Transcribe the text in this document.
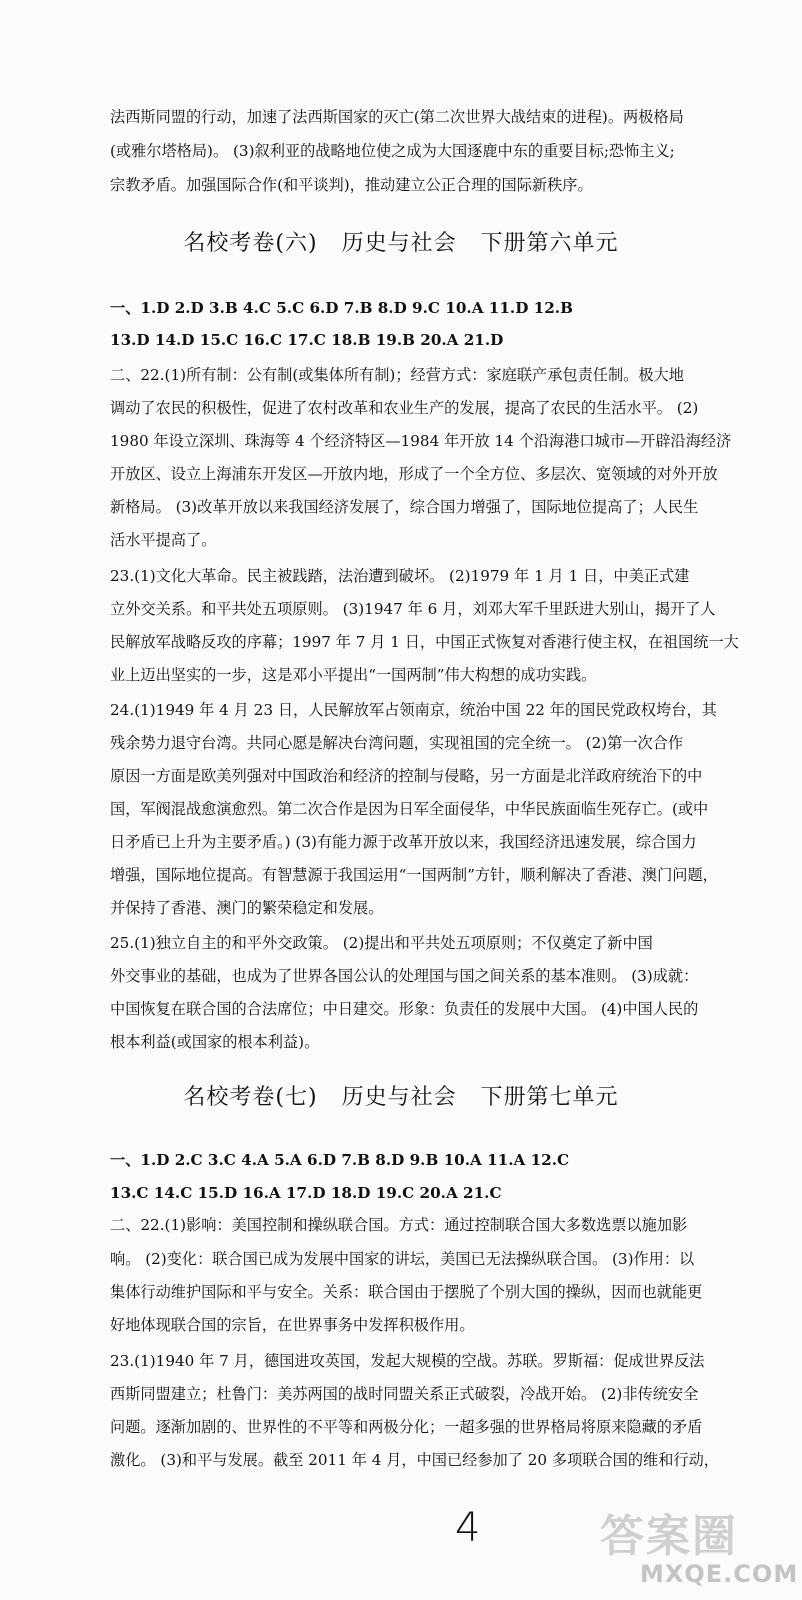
法西斯同盟的行动，加速了法西斯国家的灭亡(第二次世界大战结束的进程)。两极格局
(或雅尔塔格局)。 (3)叙利亚的战略地位使之成为大国逐鹿中东的重要目标;恐怖主义;
宗教矛盾。加强国际合作(和平谈判)，推动建立公正合理的国际新秩序。
名校考卷(六)   历史与社会   下册第六单元
一、1.D 2.D 3.B 4.C 5.C 6.D 7.B 8.D 9.C 10.A 11.D 12.B
13.D 14.D 15.C 16.C 17.C 18.B 19.B 20.A 21.D
二、22.(1)所有制：公有制(或集体所有制)；经营方式：家庭联产承包责任制。极大地
调动了农民的积极性，促进了农村改革和农业生产的发展，提高了农民的生活水平。 (2)
1980 年设立深圳、珠海等 4 个经济特区—1984 年开放 14 个沿海港口城市—开辟沿海经济
开放区、设立上海浦东开发区—开放内地，形成了一个全方位、多层次、宽领域的对外开放
新格局。 (3)改革开放以来我国经济发展了，综合国力增强了，国际地位提高了；人民生
活水平提高了。
23.(1)文化大革命。民主被践踏，法治遭到破坏。 (2)1979 年 1 月 1 日，中美正式建
立外交关系。和平共处五项原则。 (3)1947 年 6 月，刘邓大军千里跃进大别山，揭开了人
民解放军战略反攻的序幕；1997 年 7 月 1 日，中国正式恢复对香港行使主权，在祖国统一大
业上迈出坚实的一步，这是邓小平提出“一国两制”伟大构想的成功实践。
24.(1)1949 年 4 月 23 日，人民解放军占领南京，统治中国 22 年的国民党政权垮台，其
残余势力退守台湾。共同心愿是解决台湾问题，实现祖国的完全统一。 (2)第一次合作
原因一方面是欧美列强对中国政治和经济的控制与侵略，另一方面是北洋政府统治下的中
国，军阀混战愈演愈烈。第二次合作是因为日军全面侵华，中华民族面临生死存亡。(或中
日矛盾已上升为主要矛盾。) (3)有能力源于改革开放以来，我国经济迅速发展，综合国力
增强，国际地位提高。有智慧源于我国运用“一国两制”方针，顺利解决了香港、澳门问题，
并保持了香港、澳门的繁荣稳定和发展。
25.(1)独立自主的和平外交政策。 (2)提出和平共处五项原则；不仅奠定了新中国
外交事业的基础，也成为了世界各国公认的处理国与国之间关系的基本准则。 (3)成就：
中国恢复在联合国的合法席位；中日建交。形象：负责任的发展中大国。 (4)中国人民的
根本利益(或国家的根本利益)。
名校考卷(七)   历史与社会   下册第七单元
一、1.D 2.C 3.C 4.A 5.A 6.D 7.B 8.D 9.B 10.A 11.A 12.C
13.C 14.C 15.D 16.A 17.D 18.D 19.C 20.A 21.C
二、22.(1)影响：美国控制和操纵联合国。方式：通过控制联合国大多数选票以施加影
响。 (2)变化：联合国已成为发展中国家的讲坛，美国已无法操纵联合国。 (3)作用：以
集体行动维护国际和平与安全。关系：联合国由于摆脱了个别大国的操纵，因而也就能更
好地体现联合国的宗旨，在世界事务中发挥积极作用。
23.(1)1940 年 7 月，德国进攻英国，发起大规模的空战。苏联。罗斯福：促成世界反法
西斯同盟建立；杜鲁门：美苏两国的战时同盟关系正式破裂，冷战开始。 (2)非传统安全
问题。逐渐加剧的、世界性的不平等和两极分化；一超多强的世界格局将原来隐藏的矛盾
激化。 (3)和平与发展。截至 2011 年 4 月，中国已经参加了 20 多项联合国的维和行动，
4	答案圈
MXQE.COM
